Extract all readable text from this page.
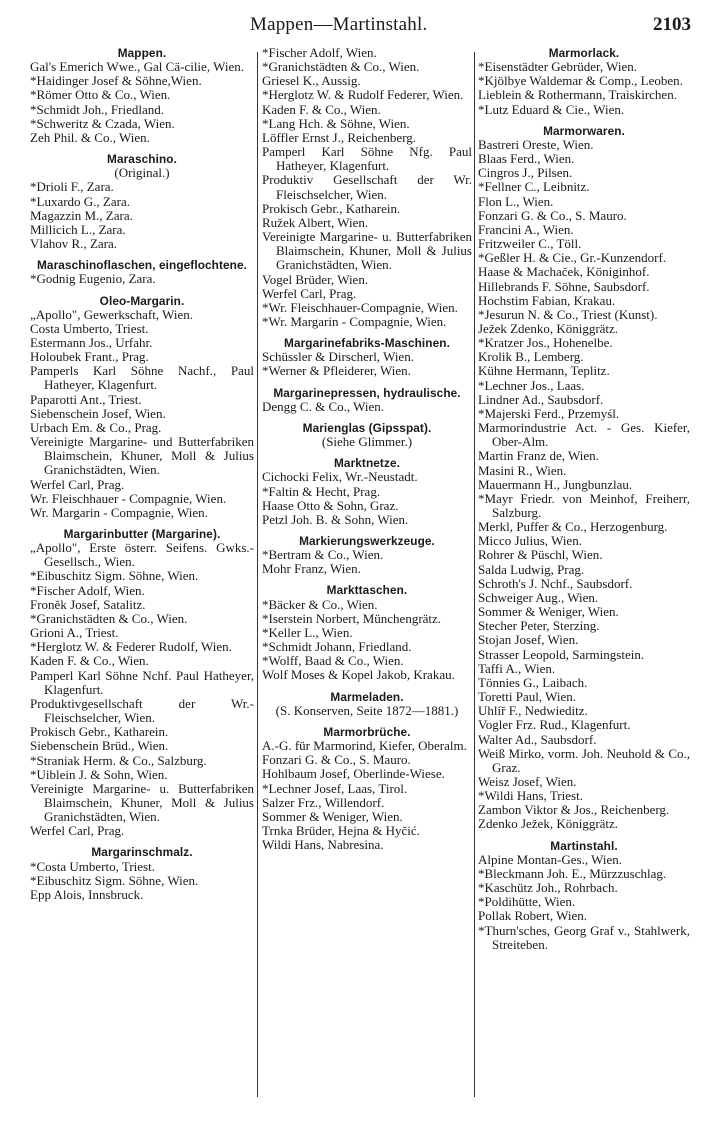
Mappen—Martinstahl.	2103
Mappen.
Gal's Emerich Wwe., Gal Cä-cilie, Wien.
*Haidinger Josef & Söhne,Wien.
*Römer Otto & Co., Wien.
*Schmidt Joh., Friedland.
*Schweritz & Czada, Wien.
Zeh Phil. & Co., Wien.
Maraschino.
(Original.)
*Drioli F., Zara.
*Luxardo G., Zara.
Magazzin M., Zara.
Millicich L., Zara.
Vlahov R., Zara.
Maraschinoflaschen, eingeflochtene.
*Godnig Eugenio, Zara.
Oleo-Margarin.
„Apollo", Gewerkschaft, Wien.
Costa Umberto, Triest.
Estermann Jos., Urfahr.
Holoubek Frant., Prag.
Pamperls Karl Söhne Nachf., Paul Hatheyer, Klagenfurt.
Paparotti Ant., Triest.
Siebenschein Josef, Wien.
Urbach Em. & Co., Prag.
Vereinigte Margarine- und Butterfabriken Blaimschein, Khuner, Moll & Julius Granichstädten, Wien.
Werfel Carl, Prag.
Wr. Fleischhauer - Compagnie, Wien.
Wr. Margarin - Compagnie, Wien.
Margarinbutter (Margarine).
„Apollo", Erste österr. Seifens. Gwks.-Gesellsch., Wien.
*Eibuschitz Sigm. Söhne, Wien.
*Fischer Adolf, Wien.
Froněk Josef, Satalitz.
*Granichstädten & Co., Wien.
Grioni A., Triest.
*Herglotz W. & Federer Rudolf, Wien.
Kaden F. & Co., Wien.
Pamperl Karl Söhne Nchf. Paul Hatheyer, Klagenfurt.
Produktivgesellschaft der Wr.-Fleischselcher, Wien.
Prokisch Gebr., Katharein.
Siebenschein Brüd., Wien.
*Straniak Herm. & Co., Salzburg.
*Uiblein J. & Sohn, Wien.
Vereinigte Margarine- u. Butterfabriken Blaimschein, Khuner, Moll & Julius Granichstädten, Wien.
Werfel Carl, Prag.
Margarinschmalz.
*Costa Umberto, Triest.
*Eibuschitz Sigm. Söhne, Wien.
Epp Alois, Innsbruck.
*Fischer Adolf, Wien.
*Granichstädten & Co., Wien.
Griesel K., Aussig.
*Herglotz W. & Rudolf Federer, Wien.
Kaden F. & Co., Wien.
*Lang Hch. & Söhne, Wien.
Löffler Ernst J., Reichenberg.
Pamperl Karl Söhne Nfg. Paul Hatheyer, Klagenfurt.
Produktiv Gesellschaft der Wr. Fleischselcher, Wien.
Prokisch Gebr., Katharein.
Ružek Albert, Wien.
Vereinigte Margarine- u. Butterfabriken Blaimschein, Khuner, Moll & Julius Granichstädten, Wien.
Vogel Brüder, Wien.
Werfel Carl, Prag.
*Wr. Fleischhauer-Compagnie, Wien.
*Wr. Margarin - Compagnie, Wien.
Margarinefabriks-Maschinen.
Schüssler & Dirscherl, Wien.
*Werner & Pfleiderer, Wien.
Margarinepressen, hydraulische.
Dengg C. & Co., Wien.
Marienglas (Gipsspat).
(Siehe Glimmer.)
Marktnetze.
Cichocki Felix, Wr.-Neustadt.
*Faltin & Hecht, Prag.
Haase Otto & Sohn, Graz.
Petzl Joh. B. & Sohn, Wien.
Markierungswerkzeuge.
*Bertram & Co., Wien.
Mohr Franz, Wien.
Markttaschen.
*Bäcker & Co., Wien.
*Iserstein Norbert, Münchengrätz.
*Keller L., Wien.
*Schmidt Johann, Friedland.
*Wolff, Baad & Co., Wien.
Wolf Moses & Kopel Jakob, Krakau.
Marmeladen.
(S. Konserven, Seite 1872—1881.)
Marmorbrüche.
A.-G. für Marmorind, Kiefer, Oberalm.
Fonzari G. & Co., S. Mauro.
Hohlbaum Josef, Oberlinde-Wiese.
*Lechner Josef, Laas, Tirol.
Salzer Frz., Willendorf.
Sommer & Weniger, Wien.
Trnka Brüder, Hejna & Hyčić.
Wildi Hans, Nabresina.
Marmorlack.
*Eisenstädter Gebrüder, Wien.
*Kjölbye Waldemar & Comp., Leoben.
Lieblein & Rothermann, Traiskirchen.
*Lutz Eduard & Cie., Wien.
Marmorwaren.
Bastreri Oreste, Wien.
Blaas Ferd., Wien.
Cingros J., Pilsen.
*Fellner C., Leibnitz.
Flon L., Wien.
Fonzari G. & Co., S. Mauro.
Francini A., Wien.
Fritzweiler C., Töll.
*Geßler H. & Cie., Gr.-Kunzendorf.
Haase & Machaček, Königinhof.
Hillebrands F. Söhne, Saubsdorf.
Hochstim Fabian, Krakau.
*Jesurun N. & Co., Triest (Kunst).
Ježek Zdenko, Königgrätz.
*Kratzer Jos., Hohenelbe.
Krolik B., Lemberg.
Kühne Hermann, Teplitz.
*Lechner Jos., Laas.
Lindner Ad., Saubsdorf.
*Majerski Ferd., Przemyśl.
Marmorindustrie Act. - Ges. Kiefer, Ober-Alm.
Martin Franz de, Wien.
Masini R., Wien.
Mauermann H., Jungbunzlau.
*Mayr Friedr. von Meinhof, Freiherr, Salzburg.
Merkl, Puffer & Co., Herzogenburg.
Micco Julius, Wien.
Rohrer & Püschl, Wien.
Salda Ludwig, Prag.
Schroth's J. Nchf., Saubsdorf.
Schweiger Aug., Wien.
Sommer & Weniger, Wien.
Stecher Peter, Sterzing.
Stojan Josef, Wien.
Strasser Leopold, Sarmingstein.
Taffi A., Wien.
Tönnies G., Laibach.
Toretti Paul, Wien.
Uhlíř F., Nedwieditz.
Vogler Frz. Rud., Klagenfurt.
Walter Ad., Saubsdorf.
Weiß Mirko, vorm. Joh. Neuhold & Co., Graz.
Weisz Josef, Wien.
*Wildi Hans, Triest.
Zambon Viktor & Jos., Reichenberg.
Zdenko Ježek, Königgrätz.
Martinstahl.
Alpine Montan-Ges., Wien.
*Bleckmann Joh. E., Mürzzuschlag.
*Kaschütz Joh., Rohrbach.
*Poldihütte, Wien.
Pollak Robert, Wien.
*Thurn'sches, Georg Graf v., Stahlwerk, Streiteben.
